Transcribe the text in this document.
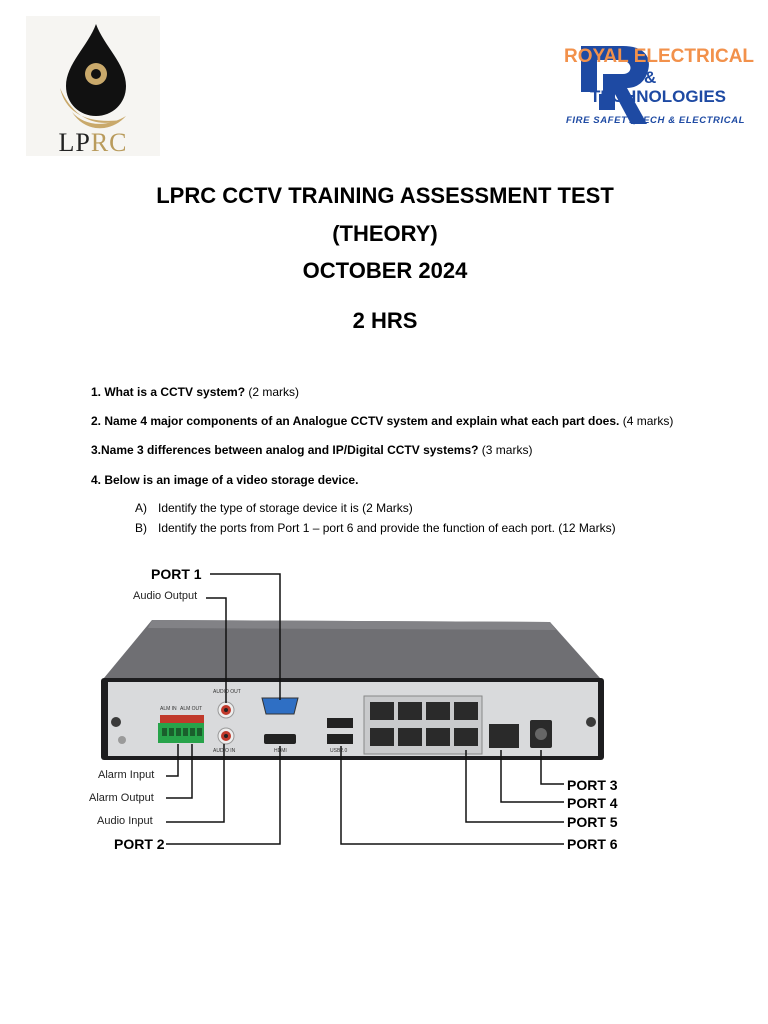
LPRC
ROYAL ELECTRICAL
&
TECHNOLOGIES
FIRE SAFETY,TECH & ELECTRICAL
LPRC CCTV TRAINING ASSESSMENT TEST
(THEORY)
OCTOBER 2024
2 HRS
1. What is a CCTV system? (2 marks)
2. Name 4 major components of an Analogue CCTV system and explain what each part does. (4 marks)
3.Name 3 differences between analog and IP/Digital CCTV systems? (3 marks)
4. Below is an image of a video storage device.
A) Identify the type of storage device it is (2 Marks)
B) Identify the ports from Port 1 – port 6 and provide the function of each port. (12 Marks)
ALM IN ALM OUT
AUDIO OUT
AUDIO IN	HDMI	USB2.0
PORT 1
Audio Output
Alarm Input
Alarm Output
Audio Input
PORT 2
PORT 3
PORT 4
PORT 5
PORT 6
